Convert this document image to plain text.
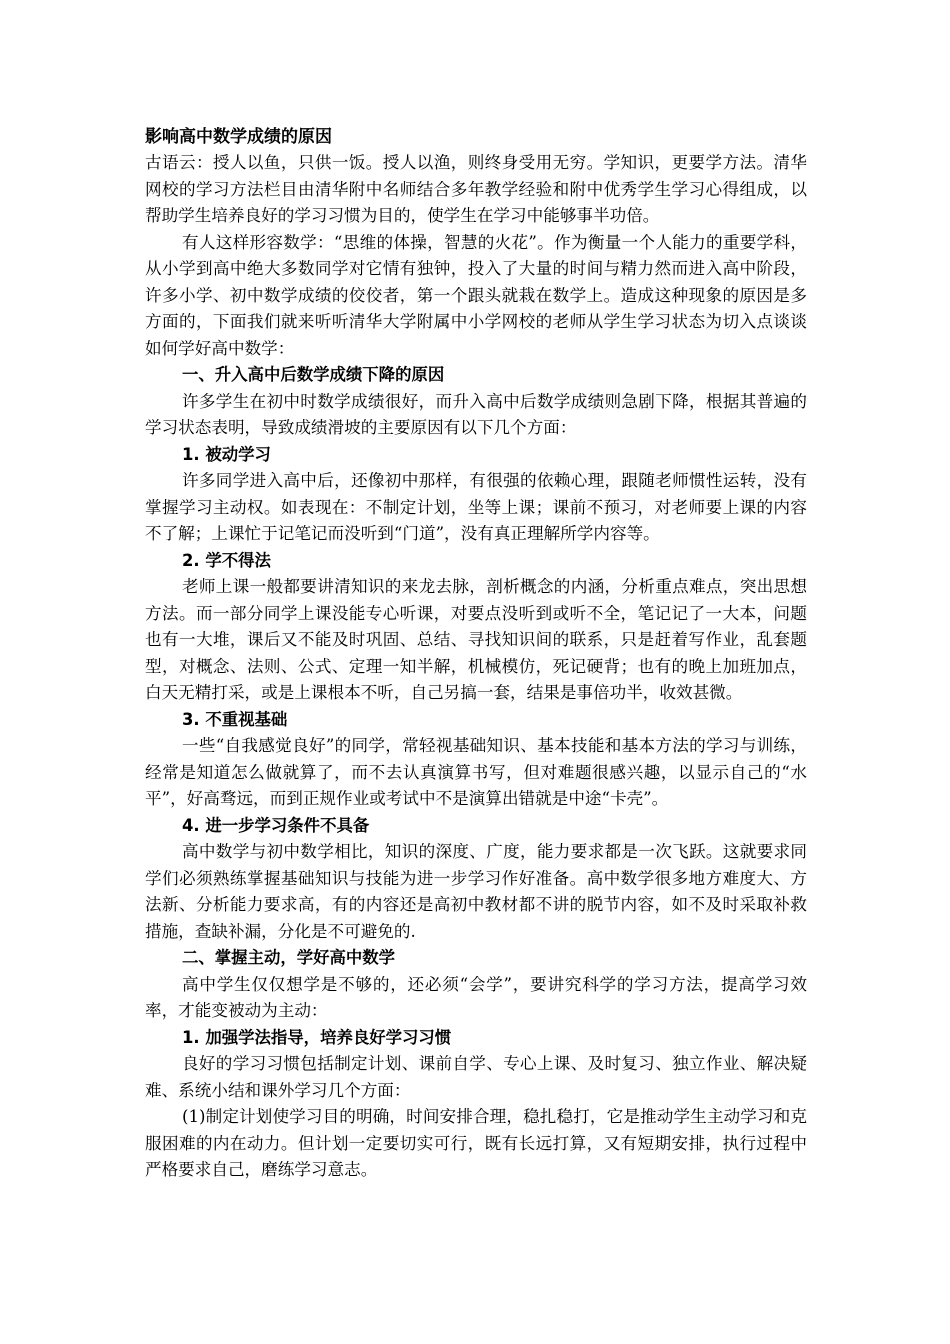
影响高中数学成绩的原因

古语云：授人以鱼，只供一饭。授人以渔，则终身受用无穷。学知识，更要学方法。清华网校的学习方法栏目由清华附中名师结合多年教学经验和附中优秀学生学习心得组成，以帮助学生培养良好的学习习惯为目的，使学生在学习中能够事半功倍。

有人这样形容数学：“思维的体操，智慧的火花”。作为衡量一个人能力的重要学科，从小学到高中绝大多数同学对它情有独钟，投入了大量的时间与精力然而进入高中阶段，许多小学、初中数学成绩的佼佼者，第一个跟头就栽在数学上。造成这种现象的原因是多方面的，下面我们就来听听清华大学附属中小学网校的老师从学生学习状态为切入点谈谈如何学好高中数学：

一、升入高中后数学成绩下降的原因

许多学生在初中时数学成绩很好，而升入高中后数学成绩则急剧下降，根据其普遍的学习状态表明，导致成绩滑坡的主要原因有以下几个方面：

1. 被动学习

许多同学进入高中后，还像初中那样，有很强的依赖心理，跟随老师惯性运转，没有掌握学习主动权。如表现在：不制定计划，坐等上课；课前不预习，对老师要上课的内容不了解；上课忙于记笔记而没听到“门道”，没有真正理解所学内容等。

2. 学不得法

老师上课一般都要讲清知识的来龙去脉，剖析概念的内涵，分析重点难点，突出思想方法。而一部分同学上课没能专心听课，对要点没听到或听不全，笔记记了一大本，问题也有一大堆，课后又不能及时巩固、总结、寻找知识间的联系，只是赶着写作业，乱套题型，对概念、法则、公式、定理一知半解，机械模仿，死记硬背；也有的晚上加班加点，白天无精打采，或是上课根本不听，自己另搞一套，结果是事倍功半，收效甚微。

3. 不重视基础

一些“自我感觉良好”的同学，常轻视基础知识、基本技能和基本方法的学习与训练，经常是知道怎么做就算了，而不去认真演算书写，但对难题很感兴趣，以显示自己的“水平”，好高骛远，而到正规作业或考试中不是演算出错就是中途“卡壳”。

4. 进一步学习条件不具备

高中数学与初中数学相比，知识的深度、广度，能力要求都是一次飞跃。这就要求同学们必须熟练掌握基础知识与技能为进一步学习作好准备。高中数学很多地方难度大、方法新、分析能力要求高，有的内容还是高初中教材都不讲的脱节内容，如不及时采取补救措施，查缺补漏，分化是不可避免的.

二、掌握主动，学好高中数学

高中学生仅仅想学是不够的，还必须“会学”，要讲究科学的学习方法，提高学习效率，才能变被动为主动：

1. 加强学法指导，培养良好学习习惯

良好的学习习惯包括制定计划、课前自学、专心上课、及时复习、独立作业、解决疑难、系统小结和课外学习几个方面：

(1)制定计划使学习目的明确，时间安排合理，稳扎稳打，它是推动学生主动学习和克服困难的内在动力。但计划一定要切实可行，既有长远打算，又有短期安排，执行过程中严格要求自己，磨练学习意志。
